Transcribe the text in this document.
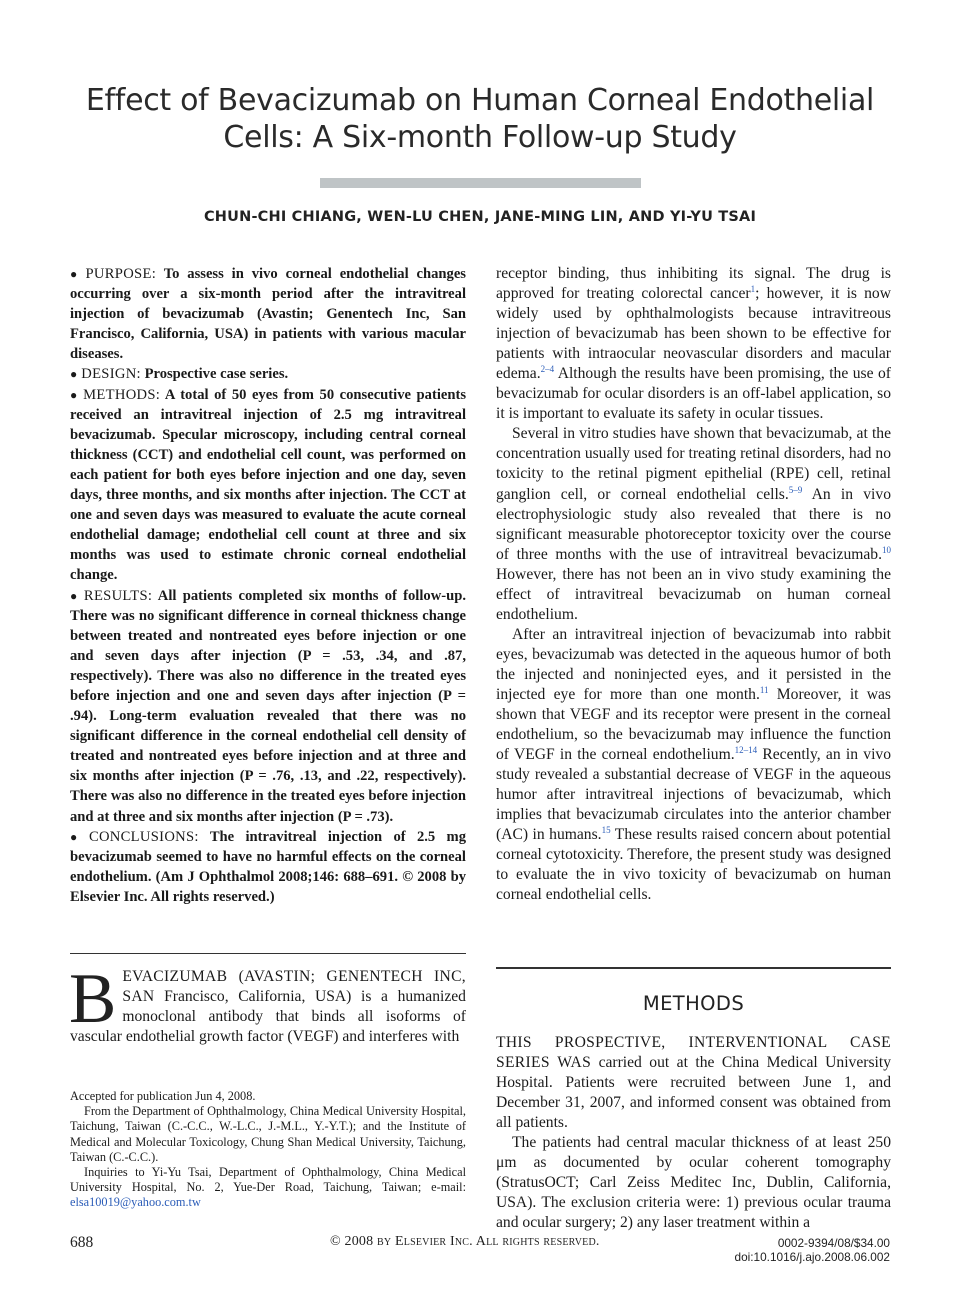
Effect of Bevacizumab on Human Corneal Endothelial
Cells: A Six-month Follow-up Study
CHUN-CHI CHIANG, WEN-LU CHEN, JANE-MING LIN, AND YI-YU TSAI

● PURPOSE: To assess in vivo corneal endothelial changes occurring over a six-month period after the intravitreal injection of bevacizumab (Avastin; Genentech Inc, San Francisco, California, USA) in patients with various macular diseases.

● DESIGN: Prospective case series.

● METHODS: A total of 50 eyes from 50 consecutive patients received an intravitreal injection of 2.5 mg intravitreal bevacizumab. Specular microscopy, including central corneal thickness (CCT) and endothelial cell count, was performed on each patient for both eyes before injection and one day, seven days, three months, and six months after injection. The CCT at one and seven days was measured to evaluate the acute corneal endothelial damage; endothelial cell count at three and six months was used to estimate chronic corneal endothelial change.

● RESULTS: All patients completed six months of follow-up. There was no significant difference in corneal thickness change between treated and nontreated eyes before injection or one and seven days after injection (P = .53, .34, and .87, respectively). There was also no difference in the treated eyes before injection and one and seven days after injection (P = .94). Long-term evaluation revealed that there was no significant difference in the corneal endothelial cell density of treated and nontreated eyes before injection and at three and six months after injection (P = .76, .13, and .22, respectively). There was also no difference in the treated eyes before injection and at three and six months after injection (P = .73).

● CONCLUSIONS: The intravitreal injection of 2.5 mg bevacizumab seemed to have no harmful effects on the corneal endothelium. (Am J Ophthalmol 2008;146: 688–691. © 2008 by Elsevier Inc. All rights reserved.)

BEVACIZUMAB (AVASTIN; GENENTECH INC, SAN Francisco, California, USA) is a humanized monoclonal antibody that binds all isoforms of vascular endothelial growth factor (VEGF) and interferes with

Accepted for publication Jun 4, 2008.

From the Department of Ophthalmology, China Medical University Hospital, Taichung, Taiwan (C.-C.C., W.-L.C., J.-M.L., Y.-Y.T.); and the Institute of Medical and Molecular Toxicology, Chung Shan Medical University, Taichung, Taiwan (C.-C.C.).

Inquiries to Yi-Yu Tsai, Department of Ophthalmology, China Medical University Hospital, No. 2, Yue-Der Road, Taichung, Taiwan; e-mail: elsa10019@yahoo.com.tw

receptor binding, thus inhibiting its signal. The drug is approved for treating colorectal cancer$^1$; however, it is now widely used by ophthalmologists because intravitreous injection of bevacizumab has been shown to be effective for patients with intraocular neovascular disorders and macular edema.$^{2-4}$ Although the results have been promising, the use of bevacizumab for ocular disorders is an off-label application, so it is important to evaluate its safety in ocular tissues.

Several in vitro studies have shown that bevacizumab, at the concentration usually used for treating retinal disorders, had no toxicity to the retinal pigment epithelial (RPE) cell, retinal ganglion cell, or corneal endothelial cells.$^{5-9}$ An in vivo electrophysiologic study also revealed that there is no significant measurable photoreceptor toxicity over the course of three months with the use of intravitreal bevacizumab.$^{10}$ However, there has not been an in vivo study examining the effect of intravitreal bevacizumab on human corneal endothelium.

After an intravitreal injection of bevacizumab into rabbit eyes, bevacizumab was detected in the aqueous humor of both the injected and noninjected eyes, and it persisted in the injected eye for more than one month.$^{11}$ Moreover, it was shown that VEGF and its receptor were present in the corneal endothelium, so the bevacizumab may influence the function of VEGF in the corneal endothelium.$^{12-14}$ Recently, an in vivo study revealed a substantial decrease of VEGF in the aqueous humor after intravitreal injections of bevacizumab, which implies that bevacizumab circulates into the anterior chamber (AC) in humans.$^{15}$ These results raised concern about potential corneal cytotoxicity. Therefore, the present study was designed to evaluate the in vivo toxicity of bevacizumab on human corneal endothelial cells.

METHODS

THIS PROSPECTIVE, INTERVENTIONAL CASE SERIES WAS carried out at the China Medical University Hospital. Patients were recruited between June 1, and December 31, 2007, and informed consent was obtained from all patients.

The patients had central macular thickness of at least 250 μm as documented by ocular coherent tomography (StratusOCT; Carl Zeiss Meditec Inc, Dublin, California, USA). The exclusion criteria were: 1) previous ocular trauma and ocular surgery; 2) any laser treatment within a

688	© 2008 by Elsevier Inc. All rights reserved.	0002-9394/08/$34.00
doi:10.1016/j.ajo.2008.06.002
